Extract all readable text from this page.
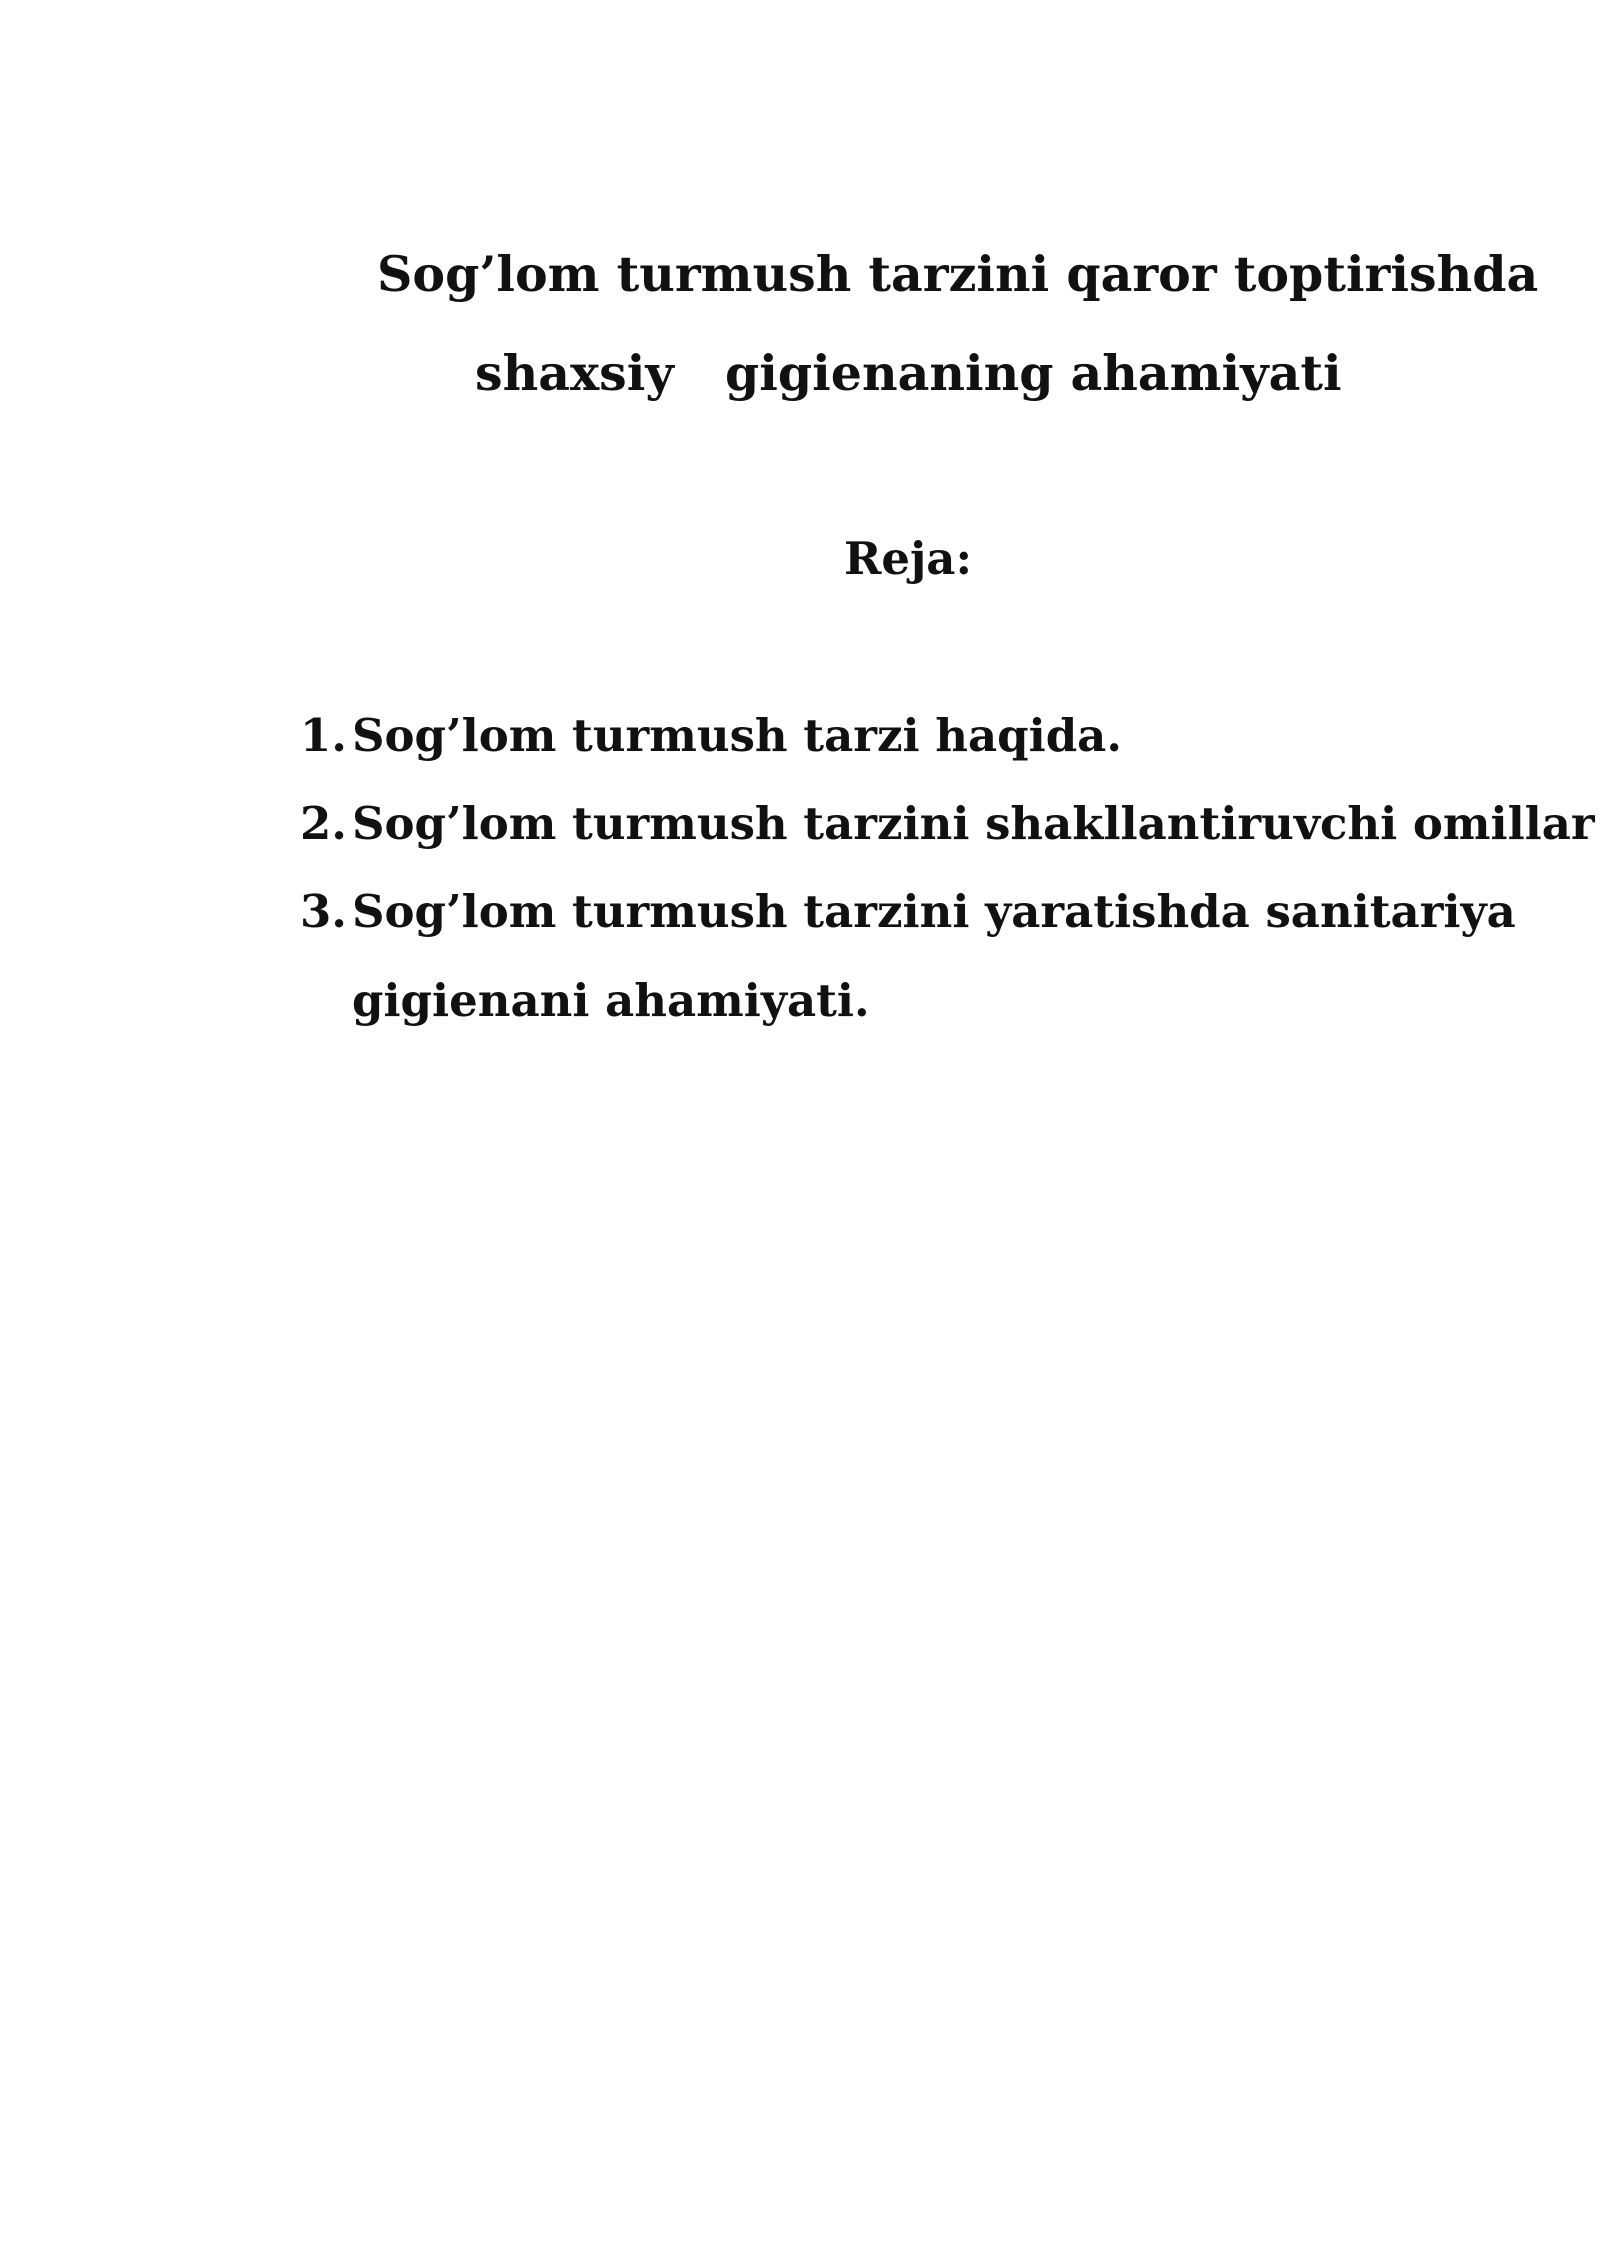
Sog’lom turmush tarzini qaror toptirishda
shaxsiy   gigienaning ahamiyati
Reja:
1. Sog’lom turmush tarzi haqida.
2. Sog’lom turmush tarzini shakllantiruvchi omillar
3. Sog’lom turmush tarzini yaratishda sanitariya
gigienani ahamiyati.
